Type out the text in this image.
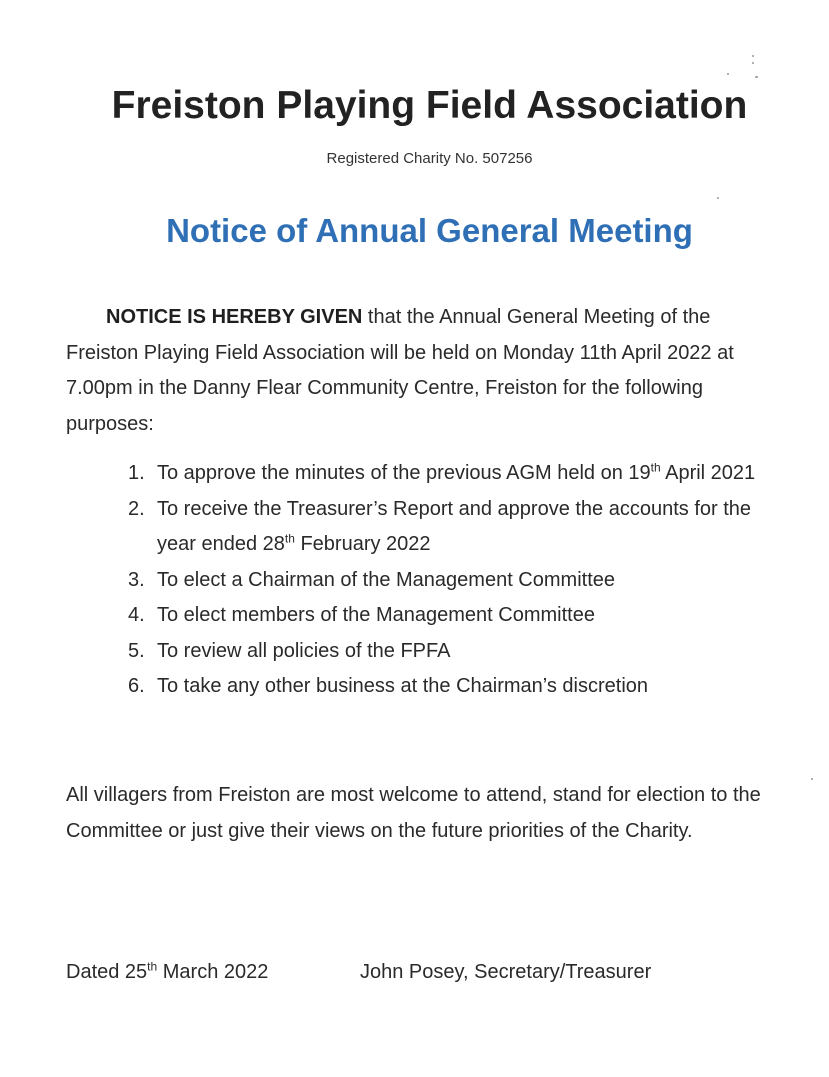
Freiston Playing Field Association
Registered Charity No. 507256
Notice of Annual General Meeting
NOTICE IS HEREBY GIVEN that the Annual General Meeting of the Freiston Playing Field Association will be held on Monday 11th April 2022 at 7.00pm in the Danny Flear Community Centre, Freiston for the following purposes:
1. To approve the minutes of the previous AGM held on 19th April 2021
2. To receive the Treasurer’s Report and approve the accounts for the year ended 28th February 2022
3. To elect a Chairman of the Management Committee
4. To elect members of the Management Committee
5. To review all policies of the FPFA
6. To take any other business at the Chairman’s discretion
All villagers from Freiston are most welcome to attend, stand for election to the Committee or just give their views on the future priorities of the Charity.
Dated 25th March 2022	John Posey, Secretary/Treasurer
